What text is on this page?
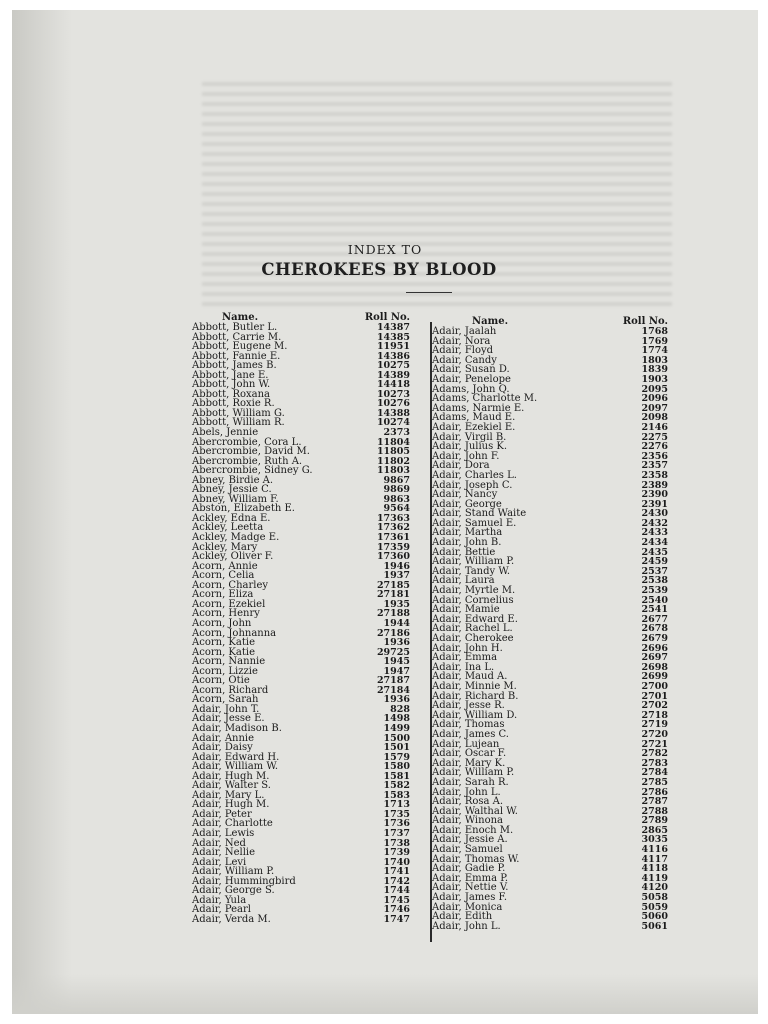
INDEX TO
CHEROKEES BY BLOOD
Name.	Roll No.
Abbott, Butler L.	14387
Abbott, Carrie M.	14385
Abbott, Eugene M.	11951
Abbott, Fannie E.	14386
Abbott, James B.	10275
Abbott, Jane E.	14389
Abbott, John W.	14418
Abbott, Roxana	10273
Abbott, Roxie R.	10276
Abbott, William G.	14388
Abbott, William R.	10274
Abels, Jennie	2373
Abercrombie, Cora L.	11804
Abercrombie, David M.	11805
Abercrombie, Ruth A.	11802
Abercrombie, Sidney G.	11803
Abney, Birdie A.	9867
Abney, Jessie C.	9869
Abney, William F.	9863
Abston, Elizabeth E.	9564
Ackley, Edna E.	17363
Ackley, Leetta	17362
Ackley, Madge E.	17361
Ackley, Mary	17359
Ackley, Oliver F.	17360
Acorn, Annie	1946
Acorn, Celia	1937
Acorn, Charley	27185
Acorn, Eliza	27181
Acorn, Ezekiel	1935
Acorn, Henry	27188
Acorn, John	1944
Acorn, Johnanna	27186
Acorn, Katie	1936
Acorn, Katie	29725
Acorn, Nannie	1945
Acorn, Lizzie	1947
Acorn, Otie	27187
Acorn, Richard	27184
Acorn, Sarah	1936
Adair, John T.	828
Adair, Jesse E.	1498
Adair, Madison B.	1499
Adair, Annie	1500
Adair, Daisy	1501
Adair, Edward H.	1579
Adair, William W.	1580
Adair, Hugh M.	1581
Adair, Walter S.	1582
Adair, Mary L.	1583
Adair, Hugh M.	1713
Adair, Peter	1735
Adair, Charlotte	1736
Adair, Lewis	1737
Adair, Ned	1738
Adair, Nellie	1739
Adair, Levi	1740
Adair, William P.	1741
Adair, Hummingbird	1742
Adair, George S.	1744
Adair, Yula	1745
Adair, Pearl	1746
Adair, Verda M.	1747
Name.	Roll No.
Adair, Jaalah	1768
Adair, Nora	1769
Adair, Floyd	1774
Adair, Candy	1803
Adair, Susan D.	1839
Adair, Penelope	1903
Adams, John Q.	2095
Adams, Charlotte M.	2096
Adams, Narmie E.	2097
Adams, Maud E.	2098
Adair, Ezekiel E.	2146
Adair, Virgil B.	2275
Adair, Julius K.	2276
Adair, John F.	2356
Adair, Dora	2357
Adair, Charles L.	2358
Adair, Joseph C.	2389
Adair, Nancy	2390
Adair, George	2391
Adair, Stand Waite	2430
Adair, Samuel E.	2432
Adair, Martha	2433
Adair, John B.	2434
Adair, Bettie	2435
Adair, William P.	2459
Adair, Tandy W.	2537
Adair, Laura	2538
Adair, Myrtle M.	2539
Adair, Cornelius	2540
Adair, Mamie	2541
Adair, Edward E.	2677
Adair, Rachel L.	2678
Adair, Cherokee	2679
Adair, John H.	2696
Adair, Emma	2697
Adair, Ina L.	2698
Adair, Maud A.	2699
Adair, Minnie M.	2700
Adair, Richard B.	2701
Adair, Jesse R.	2702
Adair, William D.	2718
Adair, Thomas	2719
Adair, James C.	2720
Adair, Lujean	2721
Adair, Oscar F.	2782
Adair, Mary K.	2783
Adair, William P.	2784
Adair, Sarah R.	2785
Adair, John L.	2786
Adair, Rosa A.	2787
Adair, Walthal W.	2788
Adair, Winona	2789
Adair, Enoch M.	2865
Adair, Jessie A.	3035
Adair, Samuel	4116
Adair, Thomas W.	4117
Adair, Gadie P.	4118
Adair, Emma P.	4119
Adair, Nettie V.	4120
Adair, James F.	5058
Adair, Monica	5059
Adair, Edith	5060
Adair, John L.	5061
